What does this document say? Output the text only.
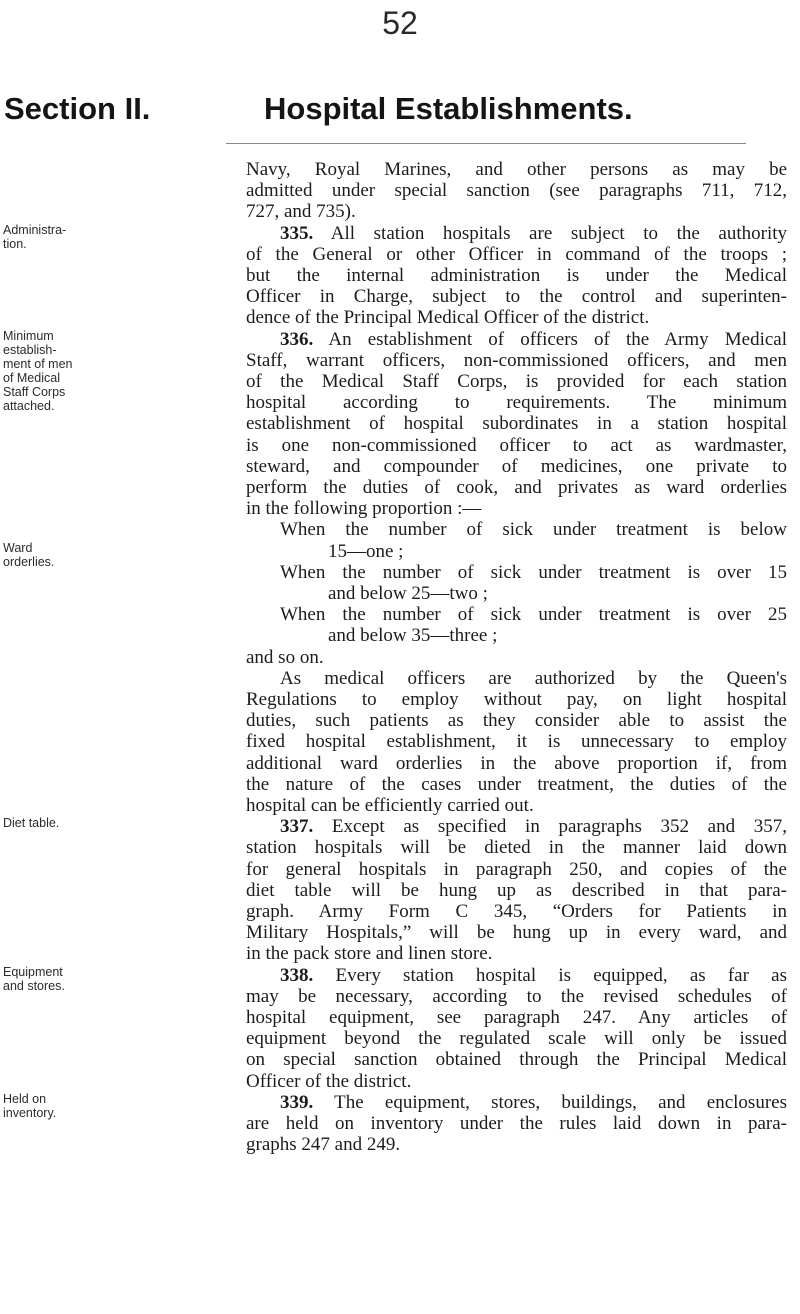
52
Section II.	Hospital Establishments.
Administra-
tion.
Minimum
establish-
ment of men
of Medical
Staff Corps
attached.
Ward
orderlies.
Diet table.
Equipment
and stores.
Held on
inventory.
Navy, Royal Marines, and other persons as may be
admitted under special sanction (see paragraphs 711, 712,
727, and 735).
335. All station hospitals are subject to the authority
of the General or other Officer in command of the troops ;
but the internal administration is under the Medical
Officer in Charge, subject to the control and superinten-
dence of the Principal Medical Officer of the district.
336. An establishment of officers of the Army Medical
Staff, warrant officers, non-commissioned officers, and men
of the Medical Staff Corps, is provided for each station
hospital according to requirements. The minimum
establishment of hospital subordinates in a station hospital
is one non-commissioned officer to act as wardmaster,
steward, and compounder of medicines, one private to
perform the duties of cook, and privates as ward orderlies
in the following proportion :—
When the number of sick under treatment is below
15—one ;
When the number of sick under treatment is over 15
and below 25—two ;
When the number of sick under treatment is over 25
and below 35—three ;
and so on.
As medical officers are authorized by the Queen's
Regulations to employ without pay, on light hospital
duties, such patients as they consider able to assist the
fixed hospital establishment, it is unnecessary to employ
additional ward orderlies in the above proportion if, from
the nature of the cases under treatment, the duties of the
hospital can be efficiently carried out.
337. Except as specified in paragraphs 352 and 357,
station hospitals will be dieted in the manner laid down
for general hospitals in paragraph 250, and copies of the
diet table will be hung up as described in that para-
graph. Army Form C 345, “Orders for Patients in
Military Hospitals,” will be hung up in every ward, and
in the pack store and linen store.
338. Every station hospital is equipped, as far as
may be necessary, according to the revised schedules of
hospital equipment, see paragraph 247. Any articles of
equipment beyond the regulated scale will only be issued
on special sanction obtained through the Principal Medical
Officer of the district.
339. The equipment, stores, buildings, and enclosures
are held on inventory under the rules laid down in para-
graphs 247 and 249.
